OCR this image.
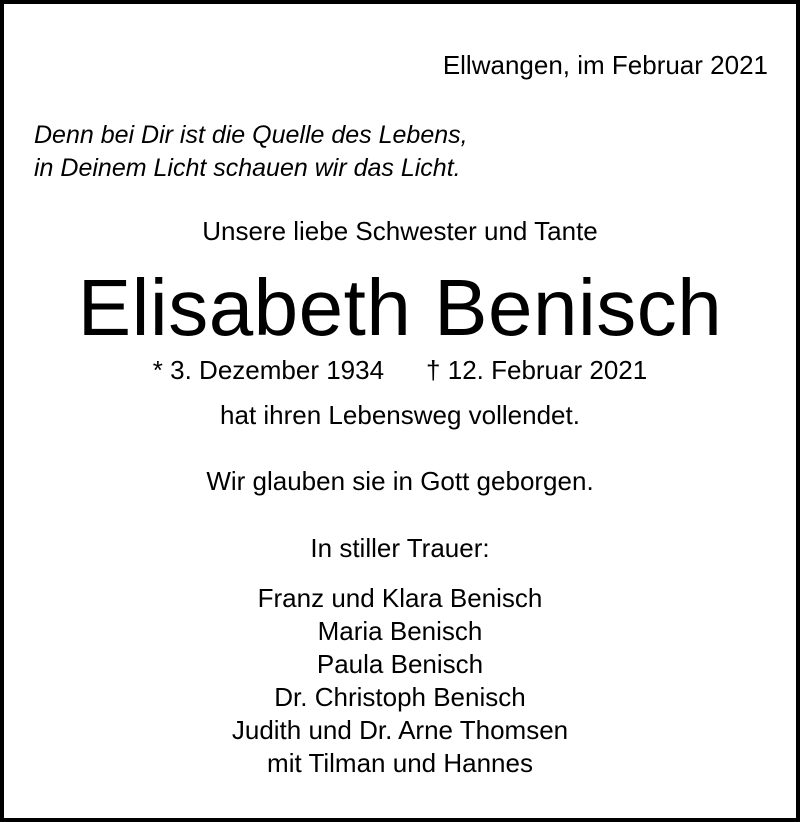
Ellwangen, im Februar 2021
Denn bei Dir ist die Quelle des Lebens,
in Deinem Licht schauen wir das Licht.
Unsere liebe Schwester und Tante
Elisabeth Benisch
* 3. Dezember 1934 † 12. Februar 2021
hat ihren Lebensweg vollendet.
Wir glauben sie in Gott geborgen.
In stiller Trauer:
Franz und Klara Benisch
Maria Benisch
Paula Benisch
Dr. Christoph Benisch
Judith und Dr. Arne Thomsen
mit Tilman und Hannes
